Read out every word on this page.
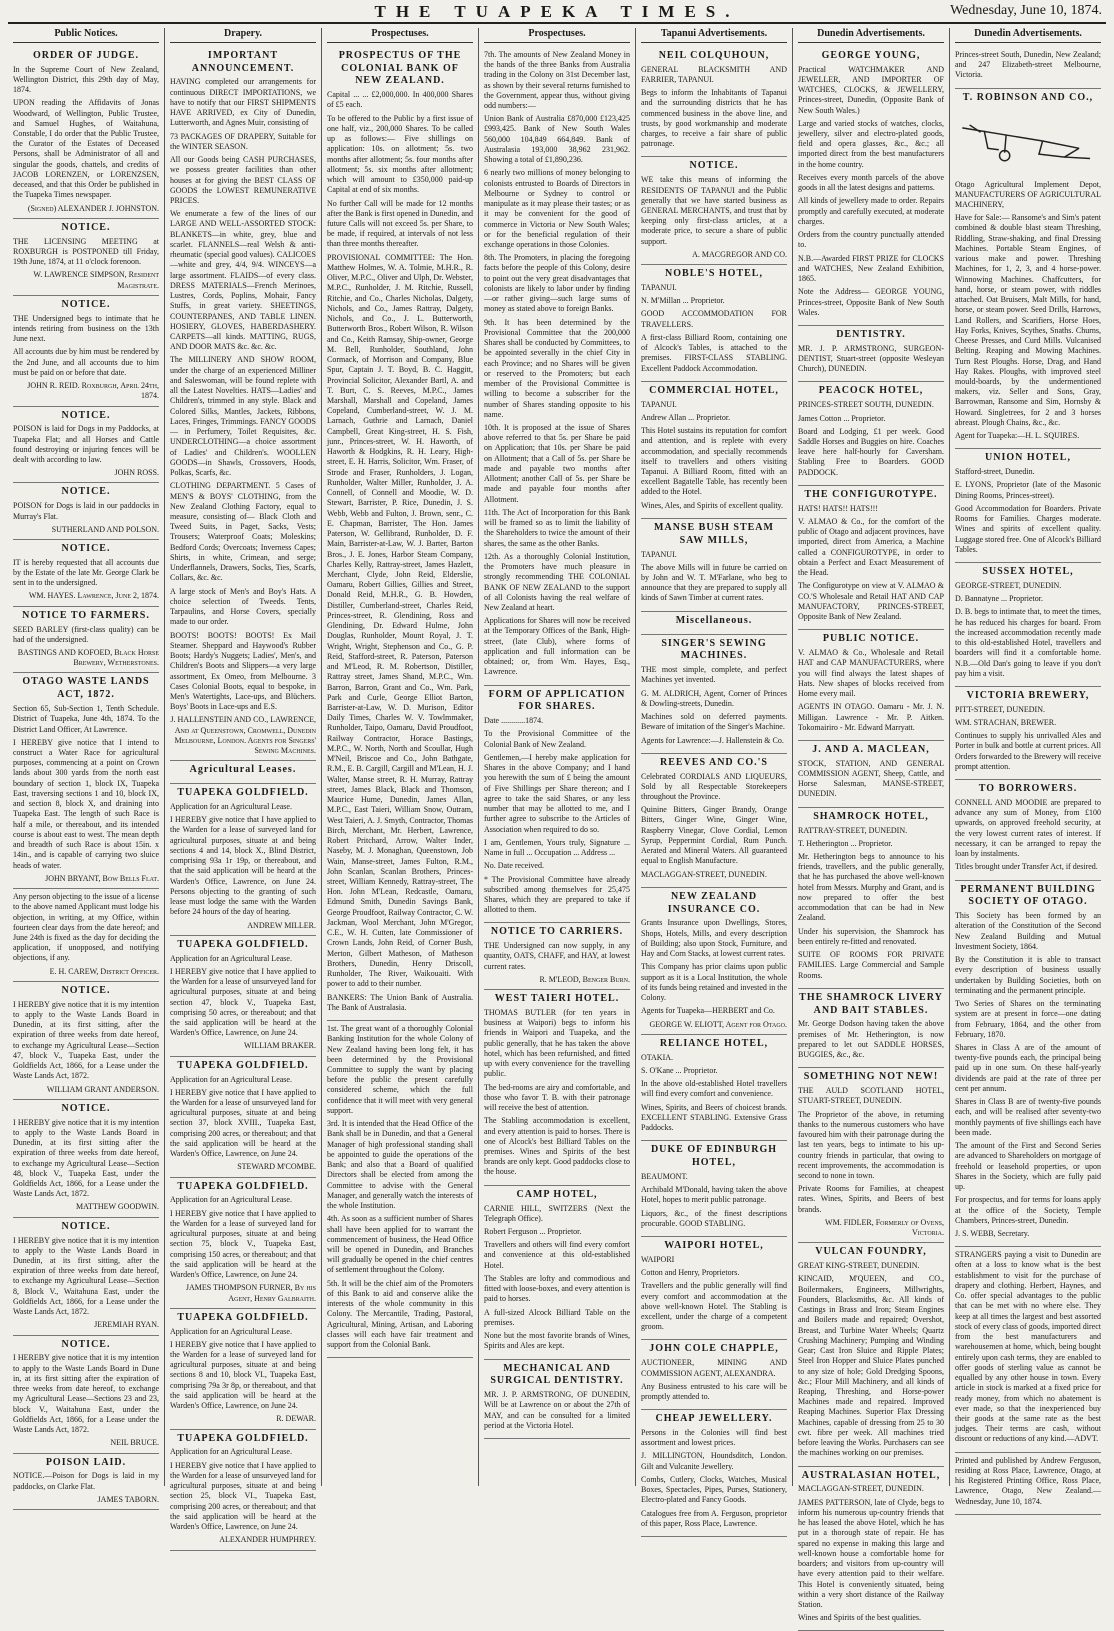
THE TUAPEKA TIMES.	Wednesday, June 10, 1874.
Public Notices.
ORDER OF JUDGE.

In the Supreme Court of New Zealand, Wellington District, this 29th day of May, 1874.

UPON reading the Affidavits of Jonas Woodward, of Wellington, Public Trustee, and Samuel Hughes, of Waitahuna, Constable, I do order that the Public Trustee, the Curator of the Estates of Deceased Persons, shall be Administrator of all and singular the goods, chattels, and credits of JACOB LORENZEN, or LORENZSEN, deceased, and that this Order be published in the Tuapeka Times newspaper.

(Signed) ALEXANDER J. JOHNSTON.
NOTICE.

THE LICENSING MEETING at ROXBURGH is POSTPONED till Friday, 19th June, 1874, at 11 o'clock forenoon.

W. LAWRENCE SIMPSON, Resident Magistrate.
NOTICE.

THE Undersigned begs to intimate that he intends retiring from business on the 13th June next.

All accounts due by him must be rendered by the 2nd June, and all accounts due to him must be paid on or before that date.

JOHN R. REID. Roxburgh, April 24th, 1874.
NOTICE.

POISON is laid for Dogs in my Paddocks, at Tuapeka Flat; and all Horses and Cattle found destroying or injuring fences will be dealt with according to law.

JOHN ROSS.
NOTICE.

POISON for Dogs is laid in our paddocks in Murray's Flat.

SUTHERLAND AND POLSON.
NOTICE.

IT is hereby requested that all accounts due by the Estate of the late Mr. George Clark be sent in to the undersigned.

WM. HAYES. Lawrence, June 2, 1874.
NOTICE TO FARMERS.

SEED BARLEY (first-class quality) can be had of the undersigned.

BASTINGS AND KOFOED, Black Horse Brewery, Wetherstones.
OTAGO WASTE LANDS ACT, 1872.

Section 65, Sub-Section 1, Tenth Schedule. District of Tuapeka, June 4th, 1874. To the District Land Officer, At Lawrence.

I HEREBY give notice that I intend to construct a Water Race for agricultural purposes, commencing at a point on Crown lands about 300 yards from the north east boundary of section 1, block IX, Tuapeka East, traversing sections 1 and 10, block IX, and section 8, block X, and draining into Tuapeka East. The length of such Race is half a mile, or thereabout, and its intended course is about east to west. The mean depth and breadth of such Race is about 15in. x 14in., and is capable of carrying two sluice heads of water.

JOHN BRYANT, Bow Bells Flat.

Any person objecting to the issue of a license to the above named Applicant must lodge his objection, in writing, at my Office, within fourteen clear days from the date hereof; and June 24th is fixed as the day for deciding the application, if unopposed, and notifying objections, if any.

E. H. CAREW, District Officer.
NOTICE.

I HEREBY give notice that it is my intention to apply to the Waste Lands Board in Dunedin, at its first sitting, after the expiration of three weeks from date hereof, to exchange my Agricultural Lease—Section 47, block V., Tuapeka East, under the Goldfields Act, 1866, for a Lease under the Waste Lands Act, 1872.

WILLIAM GRANT ANDERSON.
NOTICE.

I HEREBY give notice that it is my intention to apply to the Waste Lands Board in Dunedin, at its first sitting after the expiration of three weeks from date hereof, to exchange my Agricultural Lease—Section 48, block V., Tuapeka East, under the Goldfields Act, 1866, for a Lease under the Waste Lands Act, 1872.

MATTHEW GOODWIN.
NOTICE.

I HEREBY give notice that it is my intention to apply to the Waste Lands Board in Dunedin, at its first sitting, after the expiration of three weeks from date hereof, to exchange my Agricultural Lease—Section 8, Block V., Waitahuna East, under the Goldfields Act, 1866, for a Lease under the Waste Lands Act, 1872.

JEREMIAH RYAN.
NOTICE.

I HEREBY give notice that it is my intention to apply to the Waste Lands Board in Dune in, at its first sitting after the expiration of three weeks from date hereof, to exchange my Agricultural Lease—Sections 23 and 23, block V., Waitahuna East, under the Goldfields Act, 1866, for a Lease under the Waste Lands Act, 1872.

NEIL BRUCE.
POISON LAID.

NOTICE.—Poison for Dogs is laid in my paddocks, on Clarke Flat.

JAMES TABORN.
Drapery.
IMPORTANT ANNOUNCEMENT.

HAVING completed our arrangements for continuous DIRECT IMPORTATIONS, we have to notify that our FIRST SHIPMENTS HAVE ARRIVED, ex City of Dunedin, Lutterworth, and Agnes Muir, consisting of

73 PACKAGES OF DRAPERY, Suitable for the WINTER SEASON.

All our Goods being CASH PURCHASES, we possess greater facilities than other houses at for giving the BEST CLASS OF GOODS the LOWEST REMUNERATIVE PRICES.

We enumerate a few of the lines of our LARGE AND WELL-ASSORTED STOCK: BLANKETS—in white, grey, blue and scarlet. FLANNELS—real Welsh & anti-rheumatic (special good values). CALICOES—white and grey, 4/4, 9/4. WINCEYS—a large assortment. FLAIDS—of every class. DRESS MATERIALS—French Merinoes, Lustres, Cords, Poplins, Mohair, Fancy Stuffs, in great variety. SHEETINGS, COUNTERPANES, AND TABLE LINEN. HOSIERY, GLOVES, HABERDASHERY. CARPETS—all kinds. MATTING, RUGS, AND DOOR MATS &c. &c. &c.

The MILLINERY AND SHOW ROOM, under the charge of an experienced Milliner and Saleswoman, will be found replete with all the Latest Novelties. HATS—Ladies' and Children's, trimmed in any style. Black and Colored Silks, Mantles, Jackets, Ribbons, Laces, Fringes, Trimmings. FANCY GOODS — in Perfumery, Toilet Requisites, &c. UNDERCLOTHING—a choice assortment of Ladies' and Children's. WOOLLEN GOODS—in Shawls, Crossovers, Hoods, Polkas, Scarfs, &c.

CLOTHING DEPARTMENT. 5 Cases of MEN'S & BOYS' CLOTHING, from the New Zealand Clothing Factory, equal to measure, consisting of— Black Cloth and Tweed Suits, in Paget, Sacks, Vests; Trousers; Waterproof Coats; Moleskins; Bedford Cords; Overcoats; Inverness Capes; Shirts, in white, Crimean, and serge; Underflannels, Drawers, Socks, Ties, Scarfs, Collars, &c. &c.

A large stock of Men's and Boy's Hats. A choice selection of Tweeds. Tents, Tarpaulins, and Horse Covers, specially made to our order.

BOOTS! BOOTS! BOOTS! Ex Mail Steamer. Sheppard and Haywood's Rubber Boots; Hardy's Nuggets; Ladies', Men's, and Children's Boots and Slippers—a very large assortment, Ex Omeo, from Melbourne. 3 Cases Colonial Boots, equal to bespoke, in Men's Watertights, Lace-ups, and Blüchers. Boys' Boots in Lace-ups and E.S.

J. HALLENSTEIN AND CO., LAWRENCE, And at Queenstown, Cromwell, Dunedin Melbourne, London. Agents for Singers' Sewing Machines.
Agricultural Leases.
TUAPEKA GOLDFIELD.

Application for an Agricultural Lease.

I HEREBY give notice that I have applied to the Warden for a lease of surveyed land for agricultural purposes, situate at and being sections 4 and 14, block X., Blind District, comprising 93a 1r 19p, or thereabout, and that the said application will be heard at the Warden's Office, Lawrence, on June 24. Persons objecting to the granting of such lease must lodge the same with the Warden before 24 hours of the day of hearing.

ANDREW MILLER.
TUAPEKA GOLDFIELD.

Application for an Agricultural Lease.

I HEREBY give notice that I have applied to the Warden for a lease of unsurveyed land for agricultural purposes, situate at and being section 47, block V., Tuapeka East, comprising 50 acres, or thereabout; and that the said application will be heard at the Warden's Office, Lawrence, on June 24.

WILLIAM BRAKER.
TUAPEKA GOLDFIELD.

Application for an Agricultural Lease.

I HEREBY give notice that I have applied to the Warden for a lease of unsurveyed land for agricultural purposes, situate at and being section 37, block XVIII., Tuapeka East, comprising 200 acres, or thereabout; and that the said application will be heard at the Warden's Office, Lawrence, on June 24.

STEWARD M'COMBE.
TUAPEKA GOLDFIELD.

Application for an Agricultural Lease.

I HEREBY give notice that I have applied to the Warden for a lease of surveyed land for agricultural purposes, situate at and being section 75, block V., Tuapeka East, comprising 150 acres, or thereabout; and that the said application will be heard at the Warden's Office, Lawrence, on June 24.

JAMES THOMPSON FURNER, By his Agent, Henry Galbraith.
TUAPEKA GOLDFIELD.

Application for an Agricultural Lease.

I HEREBY give notice that I have applied to the Warden for a lease of surveyed land for agricultural purposes, situate at and being sections 8 and 10, block VI., Tuapeka East, comprising 79a 3r 8p, or thereabout, and that the said application will be heard at the Warden's Office, Lawrence, on June 24.

R. DEWAR.
TUAPEKA GOLDFIELD.

Application for an Agricultural Lease.

I HEREBY give notice that I have applied to the Warden for a lease of unsurveyed land for agricultural purposes, situate at and being section 25, block VI., Tuapeka East, comprising 200 acres, or thereabout; and that the said application will be heard at the Warden's Office, Lawrence, on June 24.

ALEXANDER HUMPHREY.
Prospectuses.
PROSPECTUS OF THE COLONIAL BANK OF NEW ZEALAND.

Capital ... ... £2,000,000. In 400,000 Shares of £5 each.

To be offered to the Public by a first issue of one half, viz., 200,000 Shares. To be called up as follows:— Five shillings on application: 10s. on allotment; 5s. two months after allotment; 5s. four months after allotment; 5s. six months after allotment; which will amount to £350,000 paid-up Capital at end of six months.

No further Call will be made for 12 months after the Bank is first opened in Dunedin, and future Calls will not exceed 5s. per Share, to be made, if required, at intervals of not less than three months thereafter.

PROVISIONAL COMMITTEE: The Hon. Matthew Holmes, W. A. Tolmie, M.H.R., R. Oliver, M.P.C., Oliver and Ulph, Dr. Webster, M.P.C., Runholder, J. M. Ritchie, Russell, Ritchie, and Co., Charles Nicholas, Dalgety, Nichols, and Co., James Rattray, Dalgety, Nichols, and Co., J. L. Butterworth, Butterworth Bros., Robert Wilson, R. Wilson and Co., Keith Ramsay, Ship-owner, George M. Bell, Runholder, Southland, John Cormack, of Morrison and Company, Blue Spur, Captain J. T. Boyd, B. C. Haggitt, Provincial Solicitor, Alexander Bartl, A. and T. Burt, C. S. Reeves, M.P.C., James Marshall, Marshall and Copeland, James Copeland, Cumberland-street, W. J. M. Larnach, Guthrie and Larnach, Daniel Campbell, Great King-street, H. S. Fish, junr., Princes-street, W. H. Haworth, of Haworth & Hodgkins, R. H. Leary, High-street, E. H. Harris, Solicitor, Wm. Fraser, of Strode and Fraser, Runholders, J. Logan, Runholder, Walter Miller, Runholder, J. A. Connell, of Connell and Moodie, W. D. Stewart, Barrister, P. Rice, Dunedin, J. S. Webb, Webb and Fulton, J. Brown, senr., C. E. Chapman, Barrister, The Hon. James Paterson, W. Gellibrand, Runholder, D. F. Main, Barrister-at-Law, W. J. Barter, Barton Bros., J. E. Jones, Harbor Steam Company, Charles Kelly, Rattray-street, James Hazlett, Merchant, Clyde, John Reid, Elderslie, Oamaru, Robert Gillies, Gillies and Street, Donald Reid, M.H.R., G. B. Howden, Distiller, Cumberland-street, Charles Reid, Princes-street, R. Glendining, Ross and Glendining, Dr. Edward Hulme, John Douglas, Runholder, Mount Royal, J. T. Wright, Wright, Stephenson and Co., G. P. Reid, Stafford-street, R. Paterson, Paterson and M'Leod, R. M. Robertson, Distiller, Rattray street, James Shand, M.P.C., Wm. Barron, Barron, Grant and Co., Wm. Park, Park and Curle, George Elliot Barton, Barrister-at-Law, W. D. Murison, Editor Daily Times, Charles W. V. Towlmmaker, Runholder, Taipo, Oamaru, David Proudfoot, Railway Contractor, Horace Bastings, M.P.C., W. North, North and Scoullar, Hugh M'Neil, Briscoe and Co., John Bathgate, R.M., E. B. Cargill, Cargill and M'Lean, H. J. Walter, Manse street, R. H. Murray, Rattray street, James Black, Black and Thomson, Maurice Hume, Dunedin, James Allan, M.P.C., East Taieri, William Snow, Outram, West Taieri, A. J. Smyth, Contractor, Thomas Birch, Merchant, Mr. Herbert, Lawrence, Robert Pritchard, Arrow, Walter Inder, Naseby, M. J. Monaghan, Queenstown, Job Wain, Manse-street, James Fulton, R.M., John Scanlan, Scanlan Brothers, Princes-street, William Kennedy, Rattray-street, The Hon. John M'Lean, Redcastle, Oamaru, Edmund Smith, Dunedin Savings Bank, George Proudfoot, Railway Contractor, C. W. Jackman, Wool Merchant, John M'Gregor, C.E., W. H. Cutten, late Commissioner of Crown Lands, John Reid, of Corner Bush, Merton, Gilbert Matheson, of Matheson Brothers, Dunedin, Henry Driscoll, Runholder, The River, Waikouaiti. With power to add to their number.

BANKERS: The Union Bank of Australia. The Bank of Australasia.

1st. The great want of a thoroughly Colonial Banking Institution for the whole Colony of New Zealand having been long felt, it has been determined by the Provisional Committee to supply the want by placing before the public the present carefully considered scheme, which the full confidence that it will meet with very general support.

3rd. It is intended that the Head Office of the Bank shall be in Dunedin, and that a General Manager of high professional standing shall be appointed to guide the operations of the Bank; and also that a Board of qualified Directors shall be elected from among the Committee to advise with the General Manager, and generally watch the interests of the whole Institution.

4th. As soon as a sufficient number of Shares shall have been applied for to warrant the commencement of business, the Head Office will be opened in Dunedin, and Branches will gradually be opened in the chief centres of settlement throughout the Colony.

5th. It will be the chief aim of the Promoters of this Bank to aid and conserve alike the interests of the whole community in this Colony. The Mercantile, Trading, Pastoral, Agricultural, Mining, Artisan, and Laboring classes will each have fair treatment and support from the Colonial Bank.

Prospectuses.

7th. The amounts of New Zealand Money in the hands of the three Banks from Australia trading in the Colony on 31st December last, as shown by their several returns furnished to the Government, appear thus, without giving odd numbers:—

Union Bank of Australia £870,000 £123,425 £993,425. Bank of New South Wales 560,000 104,849 664,849. Bank of Australasia 193,000 38,962 231,962. Showing a total of £1,890,236.

6 nearly two millions of money belonging to colonists entrusted to Boards of Directors in Melbourne or Sydney to control or manipulate as it may please their tastes; or as it may be convenient for the good of commerce in Victoria or New South Wales; or for the beneficial regulation of their exchange operations in those Colonies.

8th. The Promoters, in placing the foregoing facts before the people of this Colony, desire to point out the very great disadvantages that colonists are likely to labor under by finding—or rather giving—such large sums of money as stated above to foreign Banks.

9th. It has been determined by the Provisional Committee that the 200,000 Shares shall be conducted by Committees, to be appointed severally in the chief City in each Province; and no Shares will be given or reserved to the Promoters; but each member of the Provisional Committee is willing to become a subscriber for the number of Shares standing opposite to his name.

10th. It is proposed at the issue of Shares above referred to that 5s. per Share be paid on Application; that 10s. per Share be paid on Allotment; that a Call of 5s. per Share be made and payable two months after Allotment; another Call of 5s. per Share be made and payable four months after Allotment.

11th. The Act of Incorporation for this Bank will be framed so as to limit the liability of the Shareholders to twice the amount of their shares, the same as the other Banks.

12th. As a thoroughly Colonial Institution, the Promoters have much pleasure in strongly recommending THE COLONIAL BANK OF NEW ZEALAND to the support of all Colonists having the real welfare of New Zealand at heart.

Applications for Shares will now be received at the Temporary Offices of the Bank, High-street, (late Club), where forms of application and full information can be obtained; or, from Wm. Hayes, Esq., Lawrence.

FORM OF APPLICATION FOR SHARES.

Date ............1874.

To the Provisional Committee of the Colonial Bank of New Zealand.

Gentlemen,—I hereby make application for Shares in the above Company; and I hand you herewith the sum of £ being the amount of Five Shillings per Share thereon; and I agree to take the said Shares, or any less number that may be allotted to me, and I further agree to subscribe to the Articles of Association when required to do so.

I am, Gentlemen, Yours truly, Signature ... Name in full ... Occupation ... Address ...

No. Date received.

* The Provisional Committee have already subscribed among themselves for 25,475 Shares, which they are prepared to take if allotted to them.

NOTICE TO CARRIERS.

THE Undersigned can now supply, in any quantity, OATS, CHAFF, and HAY, at lowest current rates.

R. M'LEOD, Benger Burn.
WEST TAIERI HOTEL.

THOMAS BUTLER (for ten years in business at Waipori) begs to inform his friends in Waipori and Tuapeka, and the public generally, that he has taken the above hotel, which has been refurnished, and fitted up with every convenience for the travelling public.

The bed-rooms are airy and comfortable, and those who favor T. B. with their patronage will receive the best of attention.

The Stabling accommodation is excellent, and every attention is paid to horses. There is one of Alcock's best Billiard Tables on the premises. Wines and Spirits of the best brands are only kept. Good paddocks close to the house.

CAMP HOTEL,

CARNIE HILL, SWITZERS (Next the Telegraph Office).

Robert Ferguson ... Proprietor.

Travellers and others will find every comfort and convenience at this old-established Hotel.

The Stables are lofty and commodious and fitted with loose-boxes, and every attention is paid to horses.

A full-sized Alcock Billiard Table on the premises.

None but the most favorite brands of Wines, Spirits and Ales are kept.

MECHANICAL AND SURGICAL DENTISTRY.

MR. J. P. ARMSTRONG, OF DUNEDIN, Will be at Lawrence on or about the 27th of MAY, and can be consulted for a limited period at the Victoria Hotel.

Tapanui Advertisements.
NEIL COLQUHOUN,

GENERAL BLACKSMITH AND FARRIER, TAPANUI.

Begs to inform the Inhabitants of Tapanui and the surrounding districts that he has commenced business in the above line, and trusts, by good workmanship and moderate charges, to receive a fair share of public patronage.

NOTICE.

WE take this means of informing the RESIDENTS OF TAPANUI and the Public generally that we have started business as GENERAL MERCHANTS, and trust that by keeping only first-class articles, at a moderate price, to secure a share of public support.

A. MACGREGOR AND CO.
NOBLE'S HOTEL,

TAPANUI.

N. M'Millan ... Proprietor.

GOOD ACCOMMODATION FOR TRAVELLERS.

A first-class Billiard Room, containing one of Alcock's Tables, is attached to the premises. FIRST-CLASS STABLING. Excellent Paddock Accommodation.

COMMERCIAL HOTEL,

TAPANUI.

Andrew Allan ... Proprietor.

This Hotel sustains its reputation for comfort and attention, and is replete with every accommodation, and specially recommends itself to travellers and others visiting Tapanui. A Billiard Room, fitted with an excellent Bagatelle Table, has recently been added to the Hotel.

Wines, Ales, and Spirits of excellent quality.

MANSE BUSH STEAM SAW MILLS,

TAPANUI.

The above Mills will in future be carried on by John and W. T. M'Farlane, who beg to announce that they are prepared to supply all kinds of Sawn Timber at current rates.

Miscellaneous.
SINGER'S SEWING MACHINES.

THE most simple, complete, and perfect Machines yet invented.

G. M. ALDRICH, Agent, Corner of Princes & Dowling-streets, Dunedin.

Machines sold on deferred payments. Beware of imitation of the Singer's Machine.

Agents for Lawrence:—J. Hallenstein & Co.

REEVES AND CO.'S

Celebrated CORDIALS AND LIQUEURS, Sold by all Respectable Storekeepers throughout the Province.

Quinine Bitters, Ginger Brandy, Orange Bitters, Ginger Wine, Ginger Wine, Raspberry Vinegar, Clove Cordial, Lemon Syrup, Peppermint Cordial, Rum Punch. Aerated and Mineral Waters. All guaranteed equal to English Manufacture.

MACLAGGAN-STREET, DUNEDIN.

NEW ZEALAND INSURANCE CO.

Grants Insurance upon Dwellings, Stores, Shops, Hotels, Mills, and every description of Building; also upon Stock, Furniture, and Hay and Corn Stacks, at lowest current rates.

This Company has prior claims upon public support as it is a Local Institution, the whole of its funds being retained and invested in the Colony.

Agents for Tuapeka—HERBERT and Co.

GEORGE W. ELIOTT, Agent for Otago.
RELIANCE HOTEL,

OTAKIA.

S. O'Kane ... Proprietor.

In the above old-established Hotel travellers will find every comfort and convenience.

Wines, Spirits, and Beers of choicest brands. EXCELLENT STABLING. Extensive Grass Paddocks.

DUKE OF EDINBURGH HOTEL,

BEAUMONT.

Archibald M'Donald, having taken the above Hotel, hopes to merit public patronage.

Liquors, &c., of the finest descriptions procurable. GOOD STABLING.

WAIPORI HOTEL,

WAIPORI

Cotton and Henry, Proprietors.

Travellers and the public generally will find every comfort and accommodation at the above well-known Hotel. The Stabling is excellent, under the charge of a competent groom.

JOHN COLE CHAPPLE,

AUCTIONEER, MINING AND COMMISSION AGENT, ALEXANDRA.

Any Business entrusted to his care will be promptly attended to.

CHEAP JEWELLERY.

Persons in the Colonies will find best assortment and lowest prices.

J. MILLINGTON, Houndsditch, London. Gilt and Vulcanite Jewellery.

Combs, Cutlery, Clocks, Watches, Musical Boxes, Spectacles, Pipes, Purses, Stationery, Electro-plated and Fancy Goods.

Catalogues free from A. Ferguson, proprietor of this paper, Ross Place, Lawrence.

Dunedin Advertisements.
GEORGE YOUNG,

Practical WATCHMAKER AND JEWELLER, AND IMPORTER OF WATCHES, CLOCKS, & JEWELLERY, Princes-street, Dunedin, (Opposite Bank of New South Wales.)

Large and varied stocks of watches, clocks, jewellery, silver and electro-plated goods, field and opera glasses, &c., &c.; all imported direct from the best manufacturers in the home country.

Receives every month parcels of the above goods in all the latest designs and patterns.

All kinds of jewellery made to order. Repairs promptly and carefully executed, at moderate charges.

Orders from the country punctually attended to.

N.B.—Awarded FIRST PRIZE for CLOCKS and WATCHES, New Zealand Exhibition, 1865.

Note the Address— GEORGE YOUNG, Princes-street, Opposite Bank of New South Wales.

DENTISTRY.

MR. J. P. ARMSTRONG, SURGEON-DENTIST, Stuart-street (opposite Wesleyan Church), DUNEDIN.

PEACOCK HOTEL,

PRINCES-STREET SOUTH, DUNEDIN.

James Cotton ... Proprietor.

Board and Lodging, £1 per week. Good Saddle Horses and Buggies on hire. Coaches leave here half-hourly for Caversham. Stabling Free to Boarders. GOOD PADDOCK.

THE CONFIGUROTYPE.

HATS! HATS!! HATS!!!

V. ALMAO & Co., for the comfort of the public of Otago and adjacent provinces, have imported, direct from America, a Machine called a CONFIGUROTYPE, in order to obtain a Perfect and Exact Measurement of the Head.

The Configurotype on view at V. ALMAO & CO.'S Wholesale and Retail HAT AND CAP MANUFACTORY, PRINCES-STREET, Opposite Bank of New Zealand.

PUBLIC NOTICE.

V. ALMAO & Co., Wholesale and Retail HAT and CAP MANUFACTURERS, where you will find always the latest shapes of Hats. New shapes of blocks received from Home every mail.

AGENTS IN OTAGO. Oamaru - Mr. J. N. Milligan. Lawrence - Mr. P. Aitken. Tokomairiro - Mr. Edward Marryatt.

J. AND A. MACLEAN,

STOCK, STATION, AND GENERAL COMMISSION AGENT, Sheep, Cattle, and Horse Salesman, MANSE-STREET, DUNEDIN.

SHAMROCK HOTEL,

RATTRAY-STREET, DUNEDIN.

T. Hetherington ... Proprietor.

Mr. Hetherington begs to announce to his friends, travellers, and the public generally, that he has purchased the above well-known hotel from Messrs. Murphy and Grant, and is now prepared to offer the best accommodation that can be had in New Zealand.

Under his supervision, the Shamrock has been entirely re-fitted and renovated.

SUITE OF ROOMS FOR PRIVATE FAMILIES. Large Commercial and Sample Rooms.

THE SHAMROCK LIVERY AND BAIT STABLES.

Mr. George Dodson having taken the above premises of Mr. Hetherington, is now prepared to let out SADDLE HORSES, BUGGIES, &c., &c.

SOMETHING NOT NEW!

THE AULD SCOTLAND HOTEL, STUART-STREET, DUNEDIN.

The Proprietor of the above, in returning thanks to the numerous customers who have favoured him with their patronage during the last ten years, begs to intimate to his up-country friends in particular, that owing to recent improvements, the accommodation is second to none in town.

Private Rooms for Families, at cheapest rates. Wines, Spirits, and Beers of best brands.

WM. FIDLER, Formerly of Ovens, Victoria.
VULCAN FOUNDRY,

GREAT KING-STREET, DUNEDIN.

KINCAID, M'QUEEN, and CO., Boilermakers, Engineers, Millwrights, Founders, Blacksmiths, &c. All kinds of Castings in Brass and Iron; Steam Engines and Boilers made and repaired; Overshot, Breast, and Turbine Water Wheels; Quartz Crushing Machinery; Pumping and Winding Gear; Cast Iron Sluice and Ripple Plates; Steel Iron Hopper and Sluice Plates punched to any size of hole; Gold Dredging Spoons, &c.; Flour Mill Machinery, and all kinds of Reaping, Threshing, and Horse-power Machines made and repaired. Improved Reaping Machines. Superior Flax Dressing Machines, capable of dressing from 25 to 30 cwt. fibre per week. All machines tried before leaving the Works. Purchasers can see the machines working on our premises.

AUSTRALASIAN HOTEL,

MACLAGGAN-STREET, DUNEDIN.

JAMES PATTERSON, late of Clyde, begs to inform his numerous up-country friends that he has leased the above Hotel, which he has put in a thorough state of repair. He has spared no expense in making this large and well-known house a comfortable home for boarders; and visitors from up-country will have every attention paid to their welfare. This Hotel is conveniently situated, being within a very short distance of the Railway Station.

Wines and Spirits of the best qualities.

Dunedin Advertisements.

Princes-street South, Dunedin, New Zealand; and 247 Elizabeth-street Melbourne, Victoria.

T. ROBINSON AND CO.,

Otago Agricultural Implement Depot, MANUFACTURERS OF AGRICULTURAL MACHINERY,

Have for Sale:— Ransome's and Sim's patent combined & double blast steam Threshing, Riddling, Straw-shaking, and final Dressing Machines. Portable Steam Engines, of various make and power. Threshing Machines, for 1, 2, 3, and 4 horse-power. Winnowing Machines. Chaffcutters, for hand, horse, or steam power, with riddles attached. Oat Bruisers, Malt Mills, for hand, horse, or steam power. Seed Drills, Harrows, Land Rollers, and Scarifiers, Horse Hoes, Hay Forks, Knives, Scythes, Snaths. Churns, Cheese Presses, and Curd Mills. Vulcanised Belting. Reaping and Mowing Machines. Turn Rest Ploughs. Horse, Drag, and Hand Hay Rakes. Ploughs, with improved steel mould-boards, by the undermentioned makers, viz. Seller and Sons, Gray, Barrowman, Ransome and Sim, Hornsby & Howard. Singletrees, for 2 and 3 horses abreast. Plough Chains, &c., &c.

Agent for Tuapeka:—H. L. SQUIRES.

UNION HOTEL,

Stafford-street, Dunedin.

E. LYONS, Proprietor (late of the Masonic Dining Rooms, Princes-street).

Good Accommodation for Boarders. Private Rooms for Families. Charges moderate. Wines and spirits of excellent quality. Luggage stored free. One of Alcock's Billiard Tables.

SUSSEX HOTEL,

GEORGE-STREET, DUNEDIN.

D. Bannatyne ... Proprietor.

D. B. begs to intimate that, to meet the times, he has reduced his charges for board. From the increased accommodation recently made to this old-established Hotel, travellers and boarders will find it a comfortable home. N.B.—Old Dan's going to leave if you don't pay him a visit.

VICTORIA BREWERY,

PITT-STREET, DUNEDIN.

WM. STRACHAN, BREWER.

Continues to supply his unrivalled Ales and Porter in bulk and bottle at current prices. All Orders forwarded to the Brewery will receive prompt attention.

TO BORROWERS.

CONNELL AND MOODIE are prepared to advance any sum of Money, from £100 upwards, on approved freehold security, at the very lowest current rates of interest. If necessary, it can be arranged to repay the loan by instalments.

Titles brought under Transfer Act, if desired.

PERMANENT BUILDING SOCIETY OF OTAGO.

This Society has been formed by an alteration of the Constitution of the Second New Zealand Building and Mutual Investment Society, 1864.

By the Constitution it is able to transact every description of business usually undertaken by Building Societies, both on terminating and the permanent principle.

Two Series of Shares on the terminating system are at present in force—one dating from February, 1864, and the other from February, 1870.

Shares in Class A are of the amount of twenty-five pounds each, the principal being paid up in one sum. On these half-yearly dividends are paid at the rate of three per cent per annum.

Shares in Class B are of twenty-five pounds each, and will be realised after seventy-two monthly payments of five shillings each have been made.

The amount of the First and Second Series are advanced to Shareholders on mortgage of freehold or leasehold properties, or upon Shares in the Society, which are fully paid up.

For prospectus, and for terms for loans apply at the office of the Society, Temple Chambers, Princes-street, Dunedin.

J. S. WEBB, Secretary.

STRANGERS paying a visit to Dunedin are often at a loss to know what is the best establishment to visit for the purchase of drapery and clothing. Herbert, Haynes, and Co. offer special advantages to the public that can be met with no where else. They keep at all times the largest and best assorted stock of every class of goods, imported direct from the best manufacturers and warehousemen at home, which, being bought entirely upon cash terms, they are enabled to offer goods of sterling value as cannot be equalled by any other house in town. Every article in stock is marked at a fixed price for ready money, from which no abatement is ever made, so that the inexperienced buy their goods at the same rate as the best judges. Their terms are cash, without discount or reductions of any kind.—ADVT.

Printed and published by Andrew Ferguson, residing at Ross Place, Lawrence, Otago, at his Registered Printing Office, Ross Place, Lawrence, Otago, New Zealand.—Wednesday, June 10, 1874.
